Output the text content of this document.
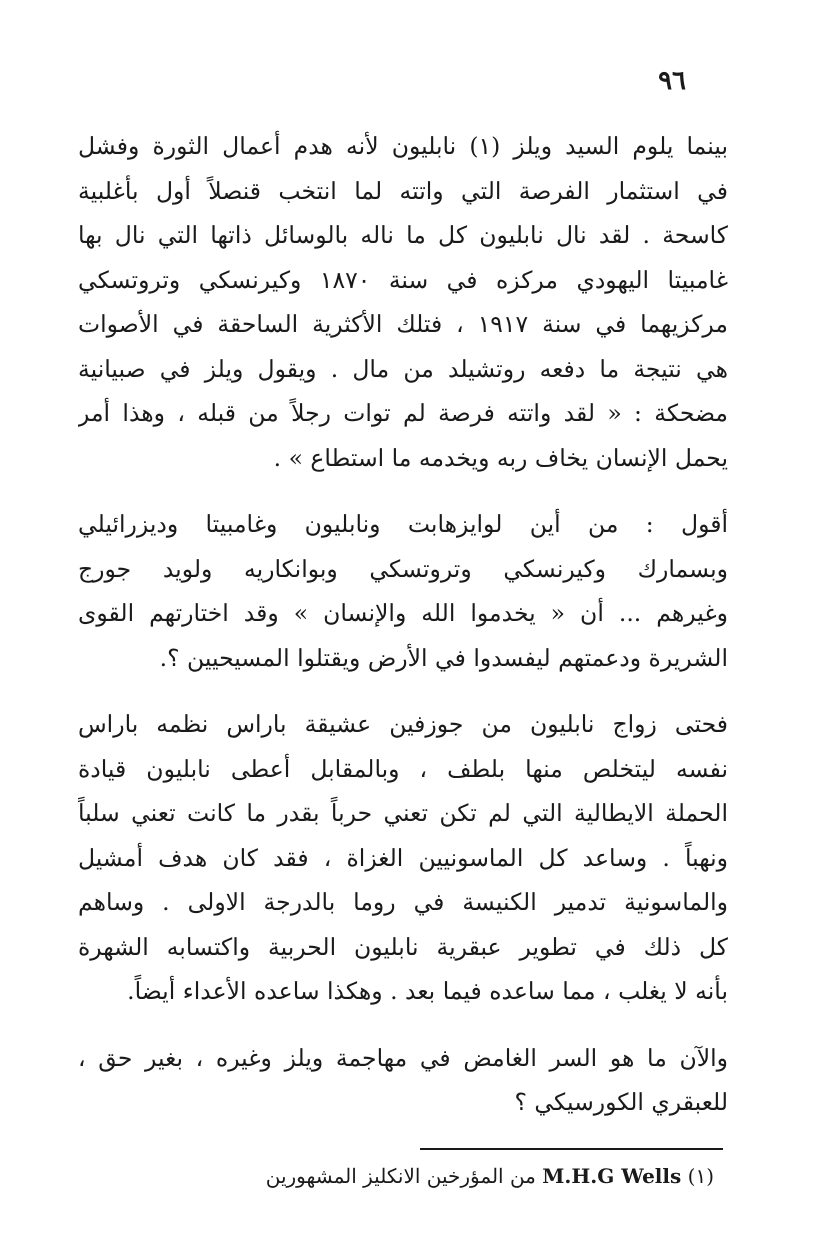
٩٦
بينما يلوم السيد ويلز (١) نابليون لأنه هدم أعمال الثورة وفشل
في استثمار الفرصة التي واتته لما انتخب قنصلاً أول بأغلبية
كاسحة . لقد نال نابليون كل ما ناله بالوسائل ذاتها التي نال بها
غامبيتا اليهودي مركزه في سنة ١٨٧٠ وكيرنسكي وتروتسكي
مركزيهما في سنة ١٩١٧ ، فتلك الأكثرية الساحقة في الأصوات
هي نتيجة ما دفعه روتشيلد من مال . ويقول ويلز في صبيانية
مضحكة : « لقد واتته فرصة لم توات رجلاً من قبله ، وهذا أمر
يحمل الإنسان يخاف ربه ويخدمه ما استطاع » .
أقول : من أين لوايزهابت ونابليون وغامبيتا وديزرائيلي
وبسمارك وكيرنسكي وتروتسكي وبوانكاريه ولويد جورج
وغيرهم ... أن « يخدموا الله والإنسان » وقد اختارتهم القوى
الشريرة ودعمتهم ليفسدوا في الأرض ويقتلوا المسيحيين ؟.
فحتى زواج نابليون من جوزفين عشيقة باراس نظمه باراس
نفسه ليتخلص منها بلطف ، وبالمقابل أعطى نابليون قيادة
الحملة الايطالية التي لم تكن تعني حرباً بقدر ما كانت تعني سلباً
ونهباً . وساعد كل الماسونيين الغزاة ، فقد كان هدف أمشيل
والماسونية تدمير الكنيسة في روما بالدرجة الاولى . وساهم
كل ذلك في تطوير عبقرية نابليون الحربية واكتسابه الشهرة
بأنه لا يغلب ، مما ساعده فيما بعد . وهكذا ساعده الأعداء أيضاً.
والآن ما هو السر الغامض في مهاجمة ويلز وغيره ، بغير حق ،
للعبقري الكورسيكي ؟
(١) M.H.G Wells من المؤرخين الانكليز المشهورين
